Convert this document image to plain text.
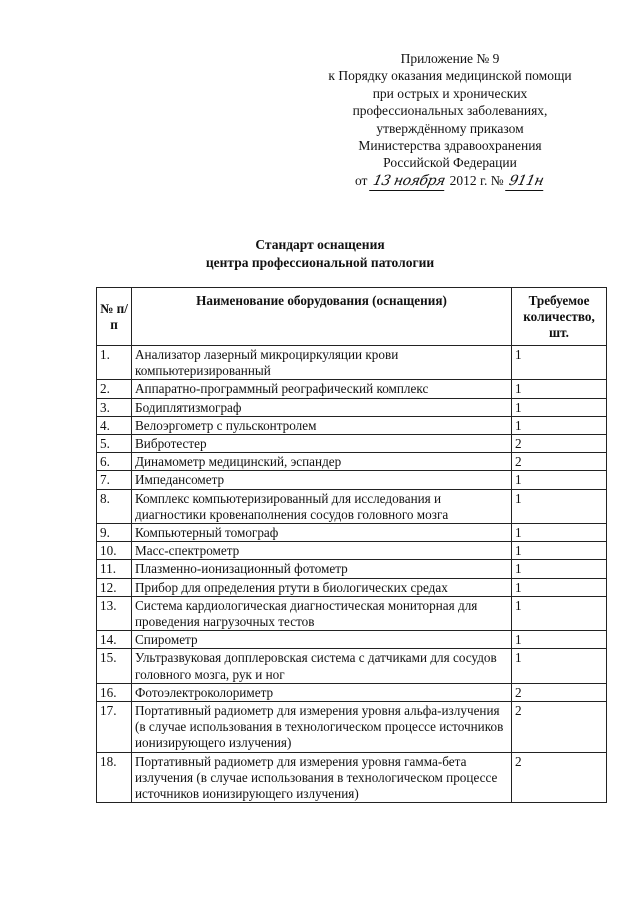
Приложение № 9
к Порядку оказания медицинской помощи
при острых и хронических
профессиональных заболеваниях,
утверждённому приказом
Министерства здравоохранения
Российской Федерации
от 13 ноября 2012 г. № 911н
Стандарт оснащения
центра профессиональной патологии
№ п/п	Наименование оборудования (оснащения)	Требуемое количество, шт.
1.	Анализатор лазерный микроциркуляции крови компьютеризированный	1
2.	Аппаратно-программный реографический комплекс	1
3.	Бодиплятизмограф	1
4.	Велоэргометр с пульсконтролем	1
5.	Вибротестер	2
6.	Динамометр медицинский, эспандер	2
7.	Импедансометр	1
8.	Комплекс компьютеризированный для исследования и диагностики кровенаполнения сосудов головного мозга	1
9.	Компьютерный томограф	1
10.	Масс-спектрометр	1
11.	Плазменно-ионизационный фотометр	1
12.	Прибор для определения ртути в биологических средах	1
13.	Система кардиологическая диагностическая мониторная для проведения нагрузочных тестов	1
14.	Спирометр	1
15.	Ультразвуковая допплеровская система с датчиками для сосудов головного мозга, рук и ног	1
16.	Фотоэлектроколориметр	2
17.	Портативный радиометр для измерения уровня альфа-излучения (в случае использования в технологическом процессе источников ионизирующего излучения)	2
18.	Портативный радиометр для измерения уровня гамма-бета излучения (в случае использования в технологическом процессе источников ионизирующего излучения)	2
